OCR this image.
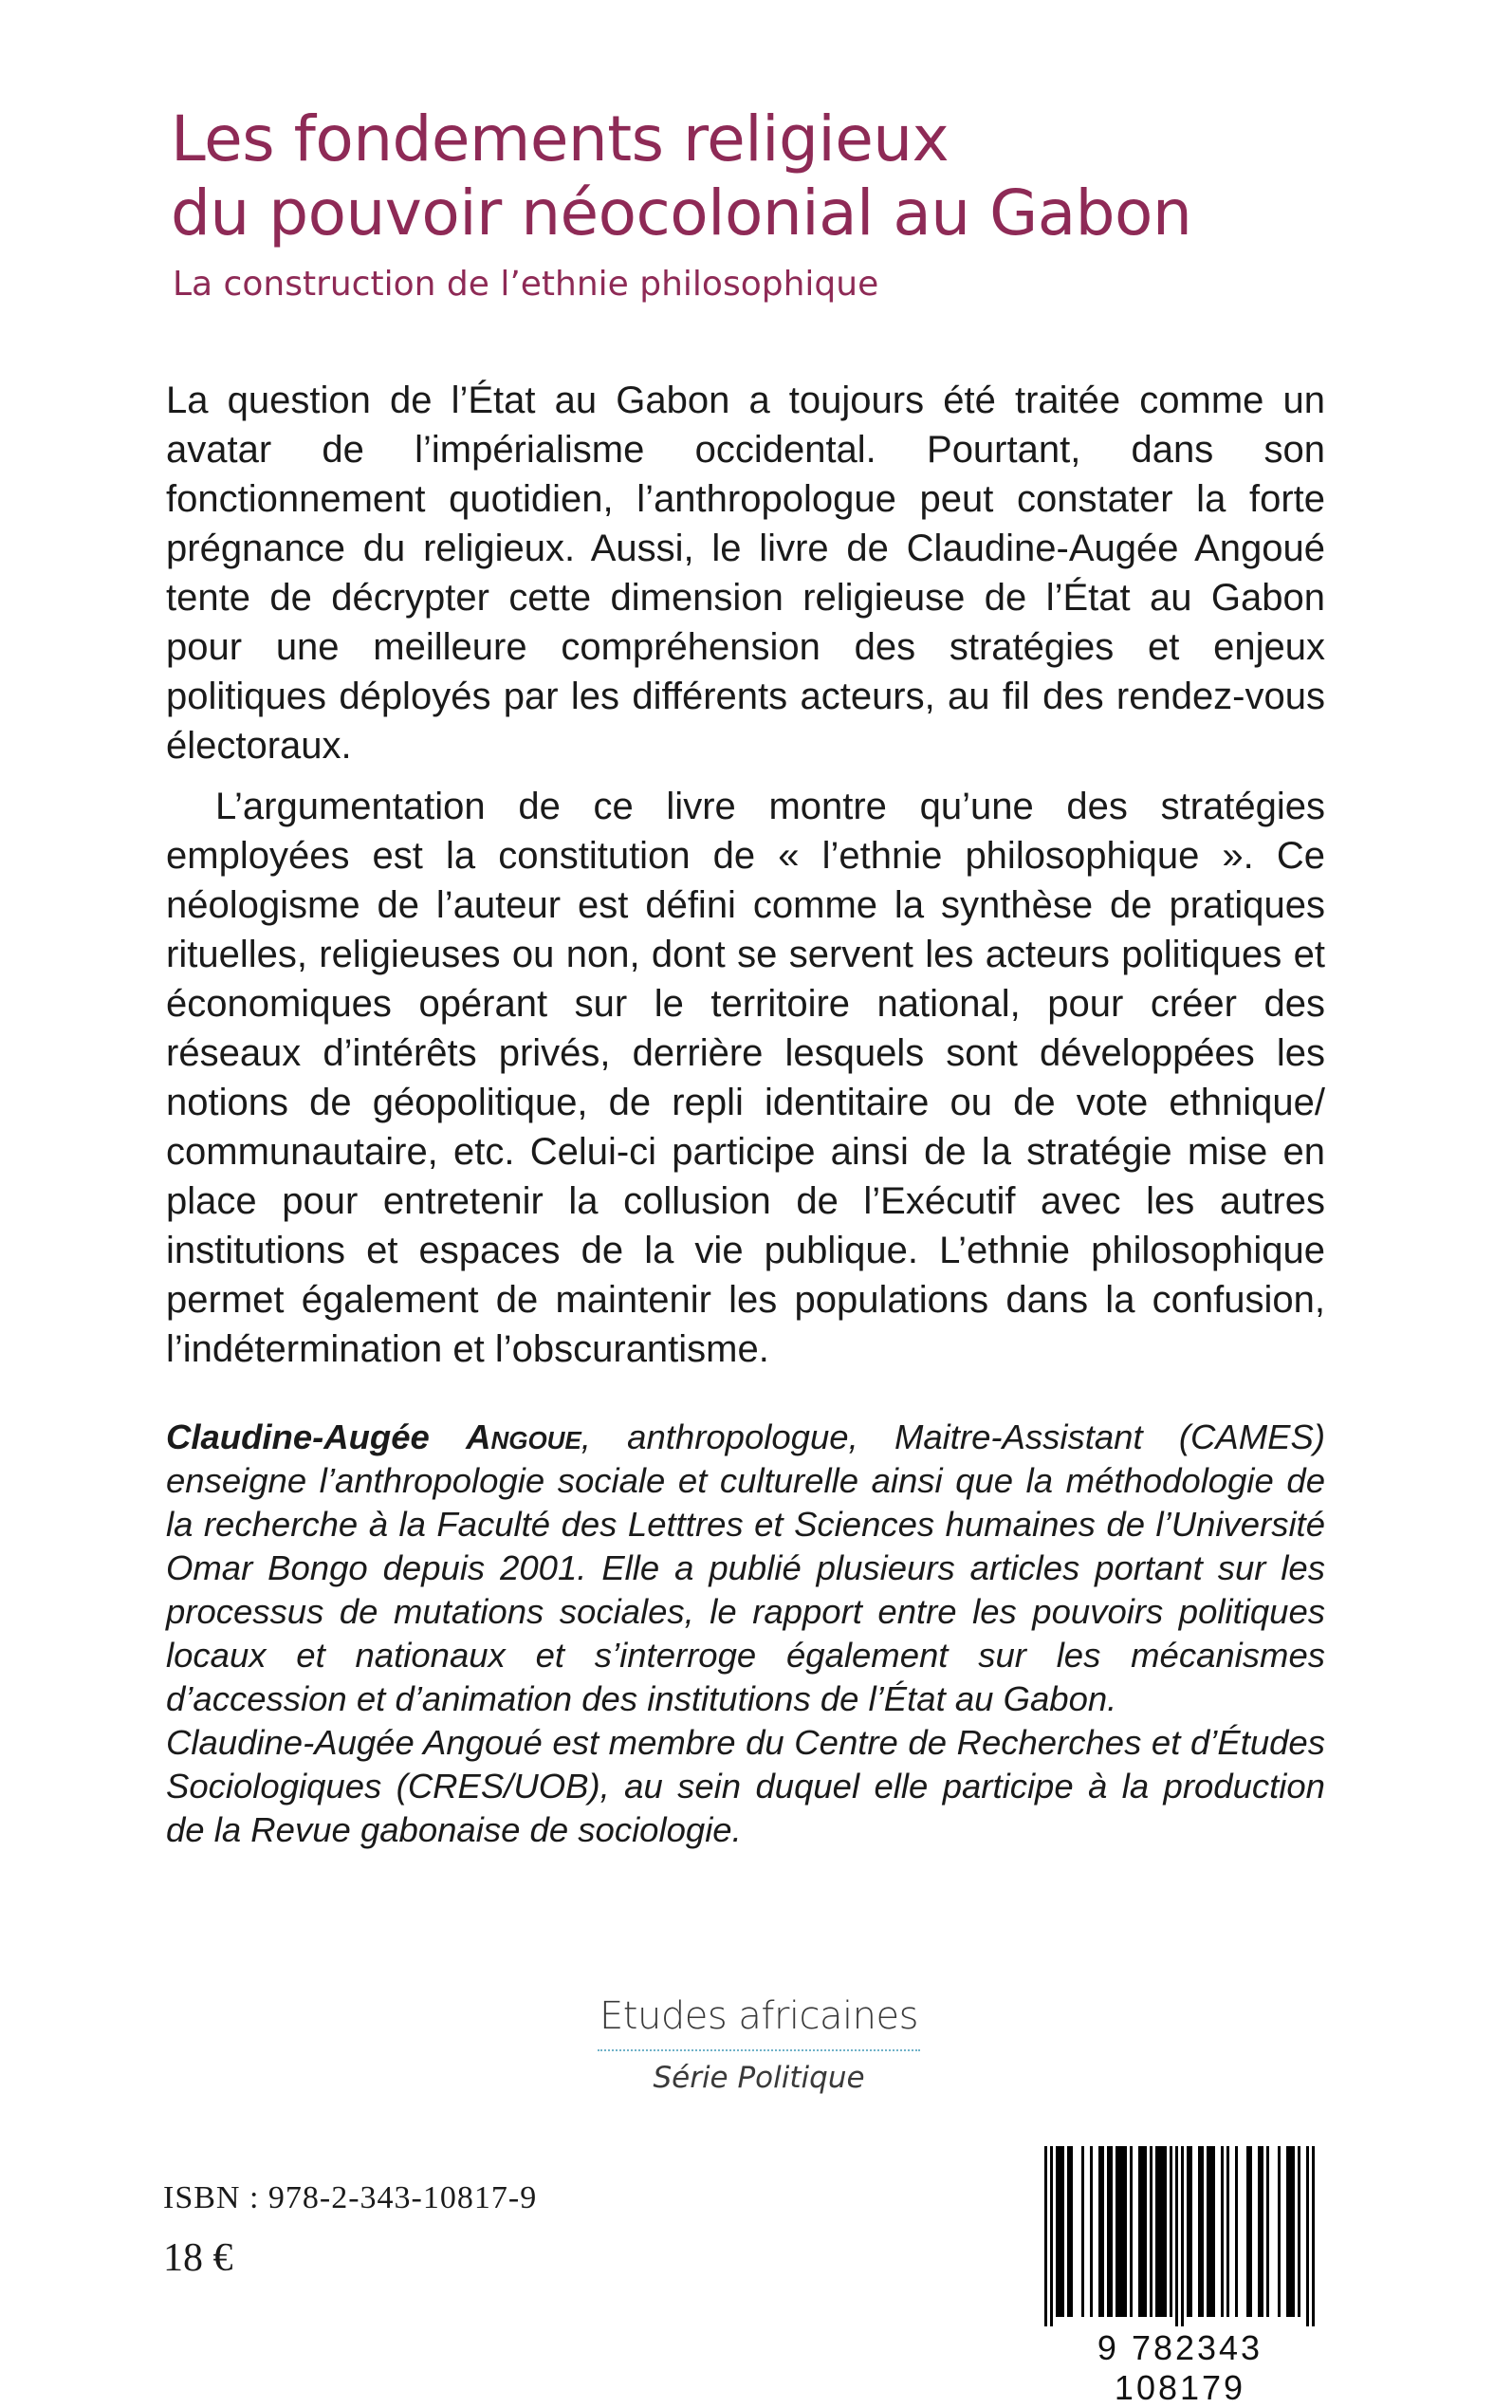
Les fondements religieux
du pouvoir néocolonial au Gabon
La construction de l’ethnie philosophique

La question de l’État au Gabon a toujours été traitée comme un avatar de l’impérialisme occidental. Pourtant, dans son fonctionnement quotidien, l’anthropologue peut constater la forte prégnance du religieux. Aussi, le livre de Claudine-Augée Angoué tente de décrypter cette dimension religieuse de l’État au Gabon pour une meilleure compréhension des stratégies et enjeux politiques déployés par les différents acteurs, au fil des rendez-vous électoraux.

L’argumentation de ce livre montre qu’une des stratégies employées est la constitution de « l’ethnie philosophique ». Ce néologisme de l’auteur est défini comme la synthèse de pratiques rituelles, religieuses ou non, dont se servent les acteurs politiques et économiques opérant sur le territoire national, pour créer des réseaux d’intérêts privés, derrière lesquels sont développées les notions de géopolitique, de repli identitaire ou de vote ethnique/ communautaire, etc. Celui-ci participe ainsi de la stratégie mise en place pour entretenir la collusion de l’Exécutif avec les autres institutions et espaces de la vie publique. L’ethnie philosophique permet également de maintenir les populations dans la confusion, l’indétermination et l’obscurantisme.

Claudine-Augée Angoue, anthropologue, Maitre-Assistant (CAMES) enseigne l’anthropologie sociale et culturelle ainsi que la méthodologie de la recherche à la Faculté des Letttres et Sciences humaines de l’Université Omar Bongo depuis 2001. Elle a publié plusieurs articles portant sur les processus de mutations sociales, le rapport entre les pouvoirs politiques locaux et nationaux et s’interroge également sur les mécanismes d’accession et d’animation des institutions de l’État au Gabon.

Claudine-Augée Angoué est membre du Centre de Recherches et d’Études Sociologiques (CRES/UOB), au sein duquel elle participe à la production de la Revue gabonaise de sociologie.

Etudes africaines
Série Politique
ISBN : 978-2-343-10817-9
18 €
9 782343 108179
